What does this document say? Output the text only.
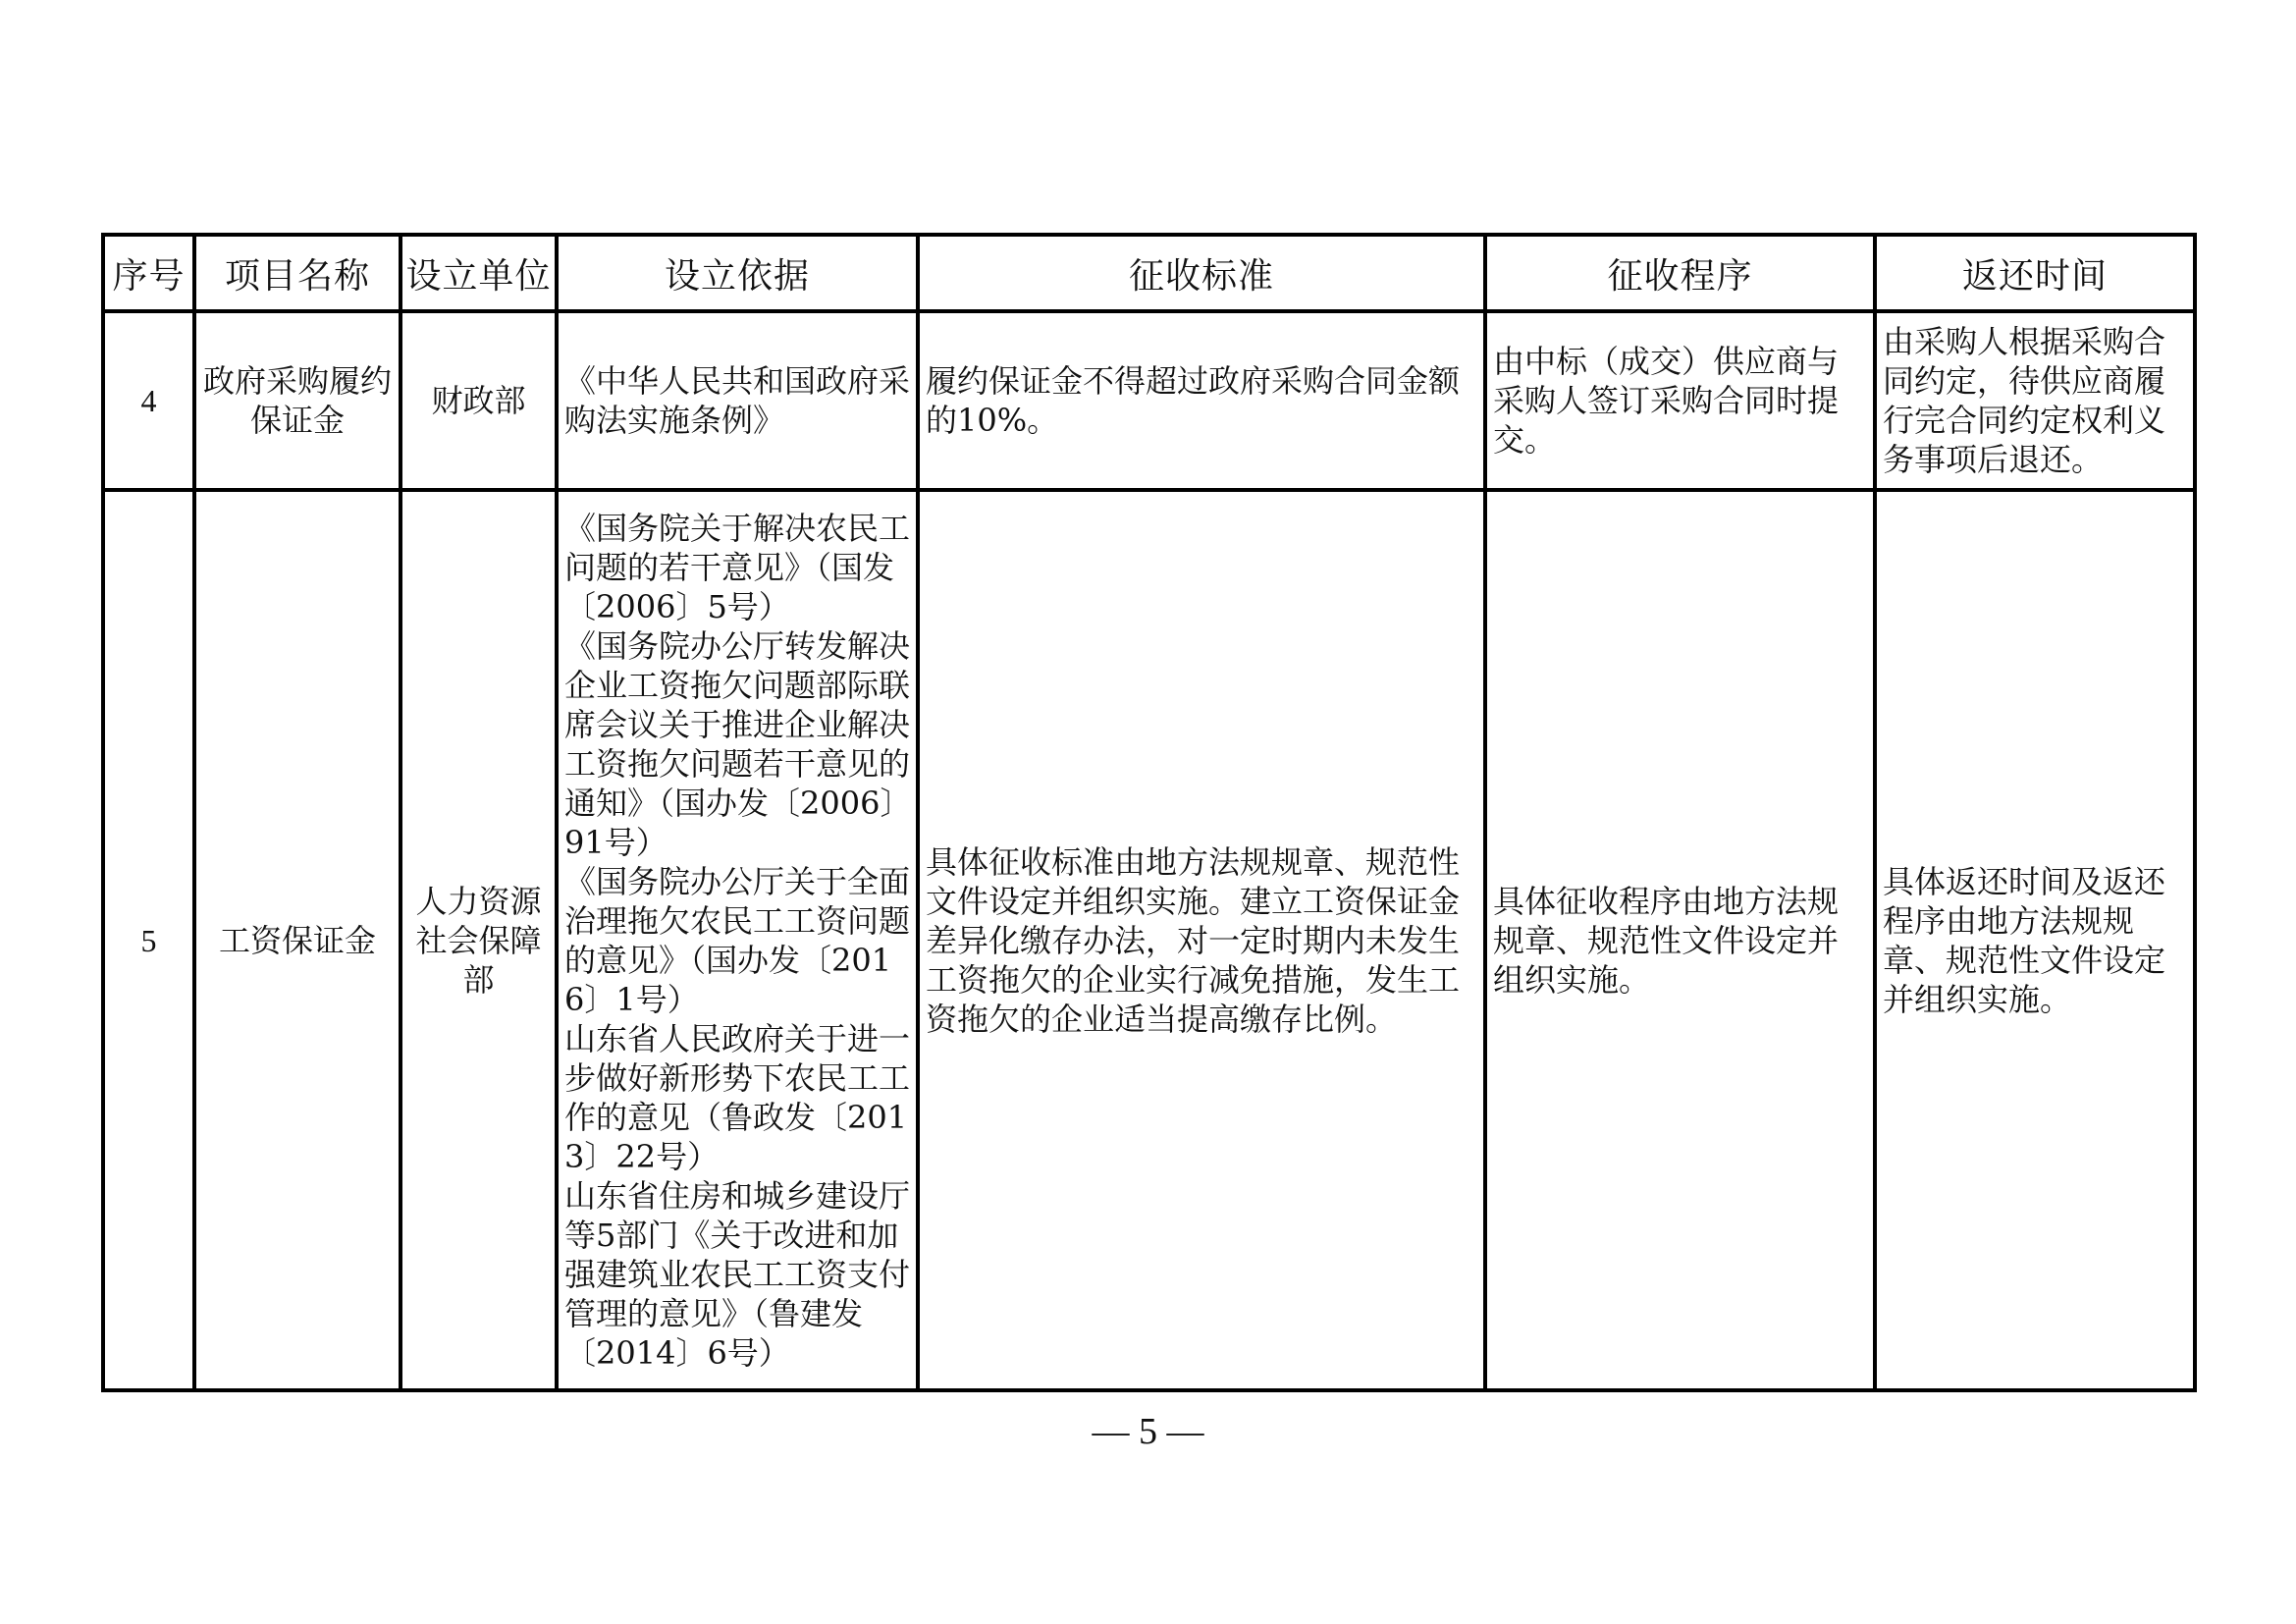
序号	项目名称	设立单位	设立依据	征收标准	征收程序	返还时间
4	政府采购履约保证金	财政部	《中华人民共和国政府采购法实施条例》	履约保证金不得超过政府采购合同金额的10%。	由中标（成交）供应商与采购人签订采购合同时提交。	由采购人根据采购合同约定，待供应商履行完合同约定权利义务事项后退还。
5	工资保证金	人力资源社会保障部	《国务院关于解决农民工问题的若干意见》（国发〔2006〕5号）
《国务院办公厅转发解决企业工资拖欠问题部际联席会议关于推进企业解决工资拖欠问题若干意见的通知》（国办发〔2006〕91号）
《国务院办公厅关于全面治理拖欠农民工工资问题的意见》（国办发〔2016〕1号）
山东省人民政府关于进一步做好新形势下农民工工作的意见（鲁政发〔2013〕22号）
山东省住房和城乡建设厅等5部门《关于改进和加强建筑业农民工工资支付管理的意见》（鲁建发〔2014〕6号）	具体征收标准由地方法规规章、规范性文件设定并组织实施。建立工资保证金差异化缴存办法，对一定时期内未发生工资拖欠的企业实行减免措施，发生工资拖欠的企业适当提高缴存比例。	具体征收程序由地方法规规章、规范性文件设定并组织实施。	具体返还时间及返还程序由地方法规规章、规范性文件设定并组织实施。
— 5 —
